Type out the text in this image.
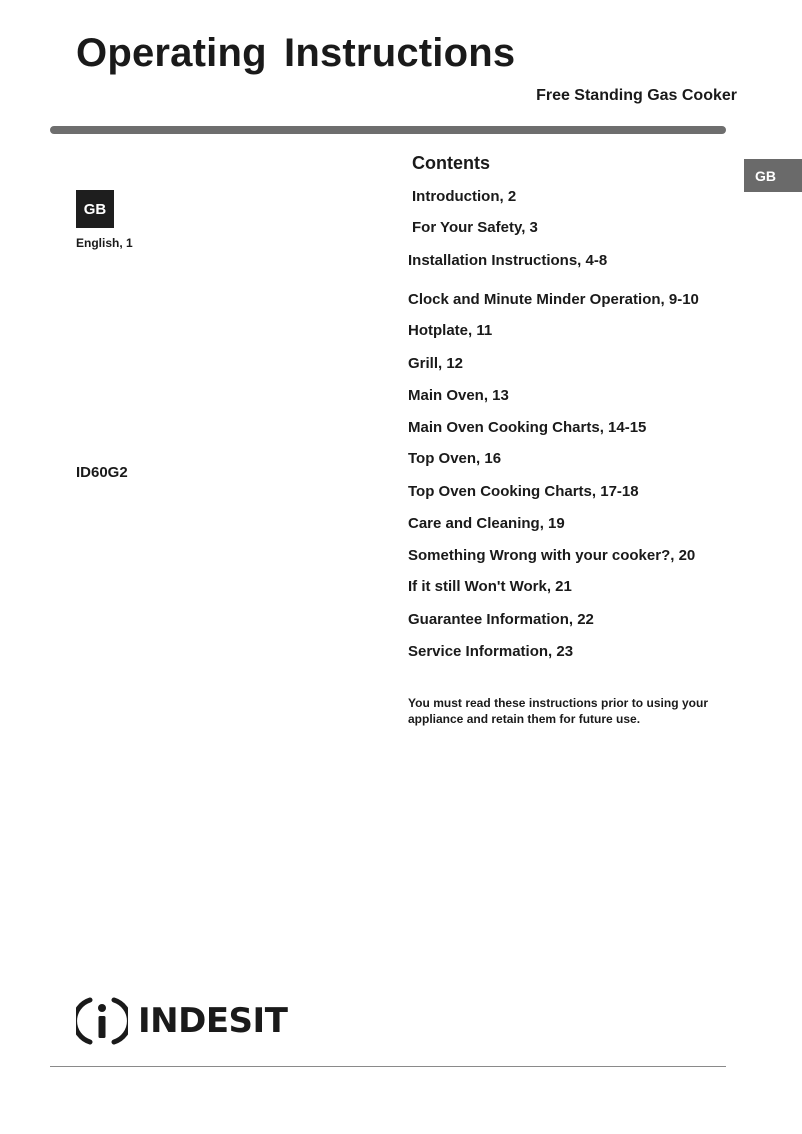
Operating Instructions
Free Standing Gas Cooker
GB
English, 1
ID60G2
GB
Contents
Introduction, 2
For Your Safety, 3
Installation Instructions, 4-8
Clock and Minute Minder Operation, 9-10
Hotplate, 11
Grill, 12
Main Oven, 13
Main Oven Cooking Charts, 14-15
Top Oven, 16
Top Oven Cooking Charts, 17-18
Care and Cleaning, 19
Something Wrong with your cooker?, 20
If it still Won't Work, 21
Guarantee Information, 22
Service Information, 23
You must read these instructions prior to using your appliance and retain them for future use.
INDESIT
